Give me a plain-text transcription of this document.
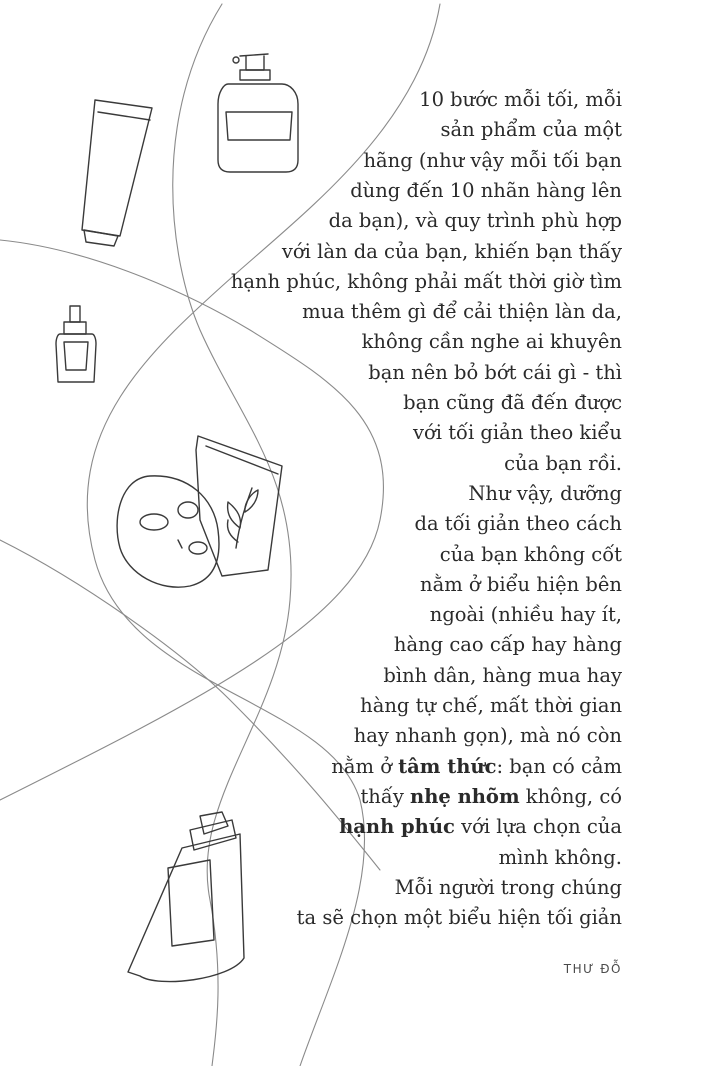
10 bước mỗi tối, mỗi
sản phẩm của một
hãng (như vậy mỗi tối bạn
dùng đến 10 nhãn hàng lên
da bạn), và quy trình phù hợp
với làn da của bạn, khiến bạn thấy
hạnh phúc, không phải mất thời giờ tìm
mua thêm gì để cải thiện làn da,
không cần nghe ai khuyên
bạn nên bỏ bớt cái gì - thì
bạn cũng đã đến được
với tối giản theo kiểu
của bạn rồi.
Như vậy, dưỡng
da tối giản theo cách
của bạn không cốt
nằm ở biểu hiện bên
ngoài (nhiều hay ít,
hàng cao cấp hay hàng
bình dân, hàng mua hay
hàng tự chế, mất thời gian
hay nhanh gọn), mà nó còn
nằm ở tâm thức: bạn có cảm
thấy nhẹ nhõm không, có
hạnh phúc với lựa chọn của
mình không.
Mỗi người trong chúng
ta sẽ chọn một biểu hiện tối giản
THƯ ĐỖ
